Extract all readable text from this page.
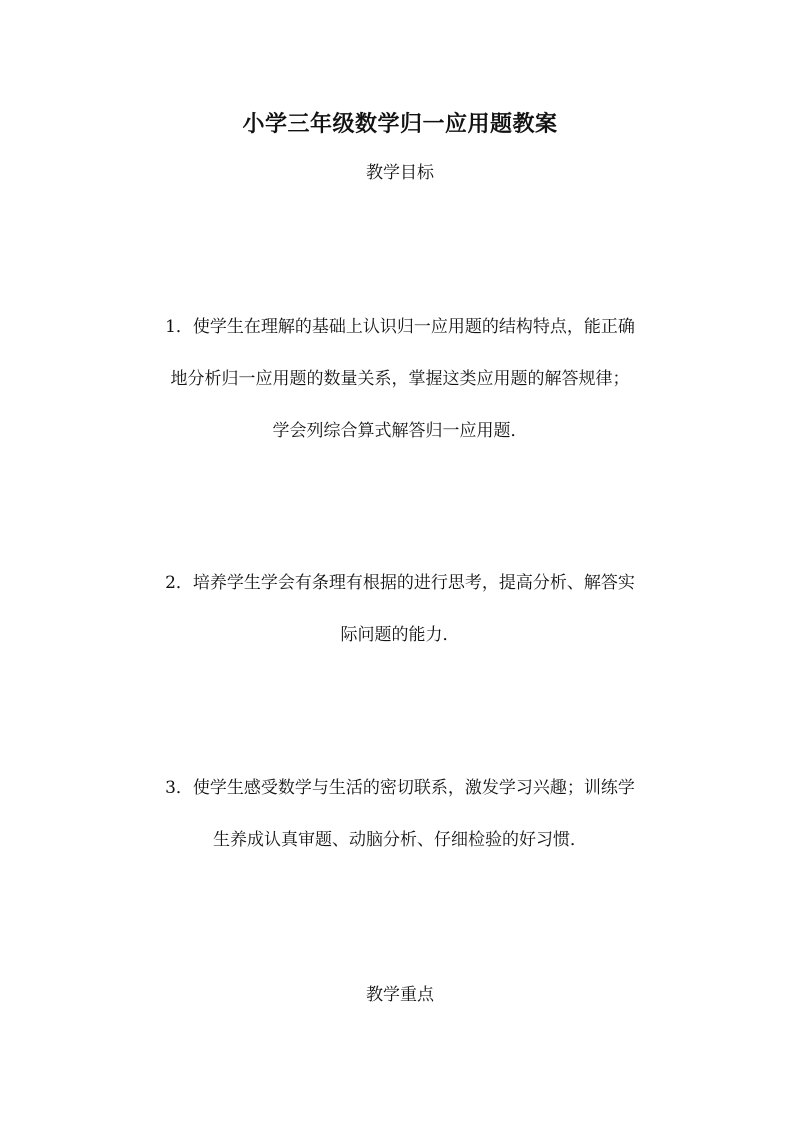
小学三年级数学归一应用题教案
教学目标
1．使学生在理解的基础上认识归一应用题的结构特点，能正确
地分析归一应用题的数量关系，掌握这类应用题的解答规律；
学会列综合算式解答归一应用题．
2．培养学生学会有条理有根据的进行思考，提高分析、解答实
际问题的能力．
3．使学生感受数学与生活的密切联系，激发学习兴趣；训练学
生养成认真审题、动脑分析、仔细检验的好习惯．
教学重点
